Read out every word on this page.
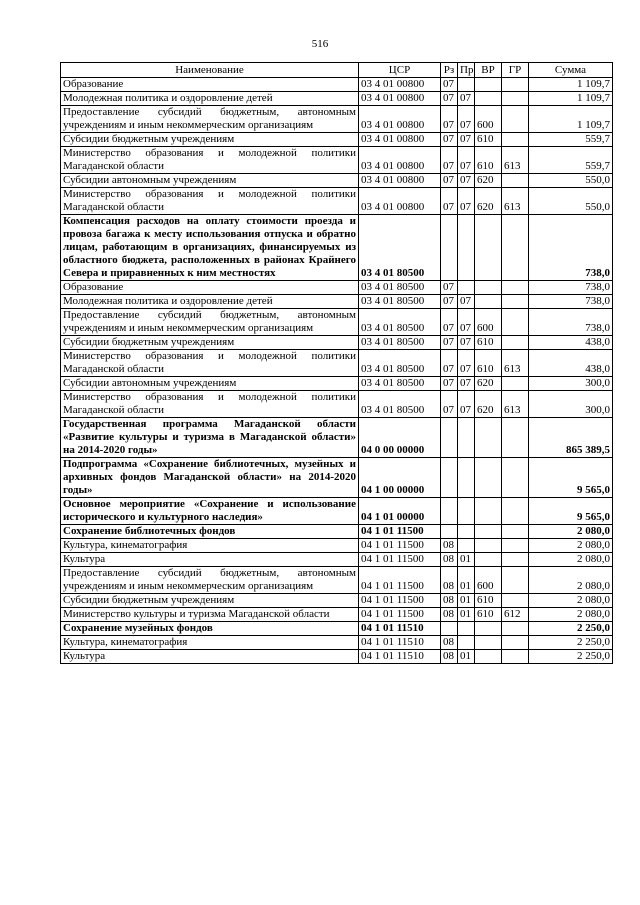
516
Наименование	ЦСР	Рз	Пр	ВР	ГР	Сумма
Образование	03 4 01 00800	07				1 109,7
Молодежная политика и оздоровление детей	03 4 01 00800	07	07			1 109,7
Предоставление субсидий бюджетным, автономным учреждениям и иным некоммерческим организациям	03 4 01 00800	07	07	600		1 109,7
Субсидии бюджетным учреждениям	03 4 01 00800	07	07	610		559,7
Министерство образования и молодежной политики Магаданской области	03 4 01 00800	07	07	610	613	559,7
Субсидии автономным учреждениям	03 4 01 00800	07	07	620		550,0
Министерство образования и молодежной политики Магаданской области	03 4 01 00800	07	07	620	613	550,0
Компенсация расходов на оплату стоимости проезда и провоза багажа к месту использования отпуска и обратно лицам, работающим в организациях, финансируемых из областного бюджета, расположенных в районах Крайнего Севера и приравненных к ним местностях	03 4 01 80500					738,0
Образование	03 4 01 80500	07				738,0
Молодежная политика и оздоровление детей	03 4 01 80500	07	07			738,0
Предоставление субсидий бюджетным, автономным учреждениям и иным некоммерческим организациям	03 4 01 80500	07	07	600		738,0
Субсидии бюджетным учреждениям	03 4 01 80500	07	07	610		438,0
Министерство образования и молодежной политики Магаданской области	03 4 01 80500	07	07	610	613	438,0
Субсидии автономным учреждениям	03 4 01 80500	07	07	620		300,0
Министерство образования и молодежной политики Магаданской области	03 4 01 80500	07	07	620	613	300,0
Государственная программа Магаданской области «Развитие культуры и туризма в Магаданской области» на 2014-2020 годы»	04 0 00 00000					865 389,5
Подпрограмма «Сохранение библиотечных, музейных и архивных фондов Магаданской области» на 2014-2020 годы»	04 1 00 00000					9 565,0
Основное мероприятие «Сохранение и использование исторического и культурного наследия»	04 1 01 00000					9 565,0
Сохранение библиотечных фондов	04 1 01 11500					2 080,0
Культура, кинематография	04 1 01 11500	08				2 080,0
Культура	04 1 01 11500	08	01			2 080,0
Предоставление субсидий бюджетным, автономным учреждениям и иным некоммерческим организациям	04 1 01 11500	08	01	600		2 080,0
Субсидии бюджетным учреждениям	04 1 01 11500	08	01	610		2 080,0
Министерство культуры и туризма Магаданской области	04 1 01 11500	08	01	610	612	2 080,0
Сохранение музейных фондов	04 1 01 11510					2 250,0
Культура, кинематография	04 1 01 11510	08				2 250,0
Культура	04 1 01 11510	08	01			2 250,0
